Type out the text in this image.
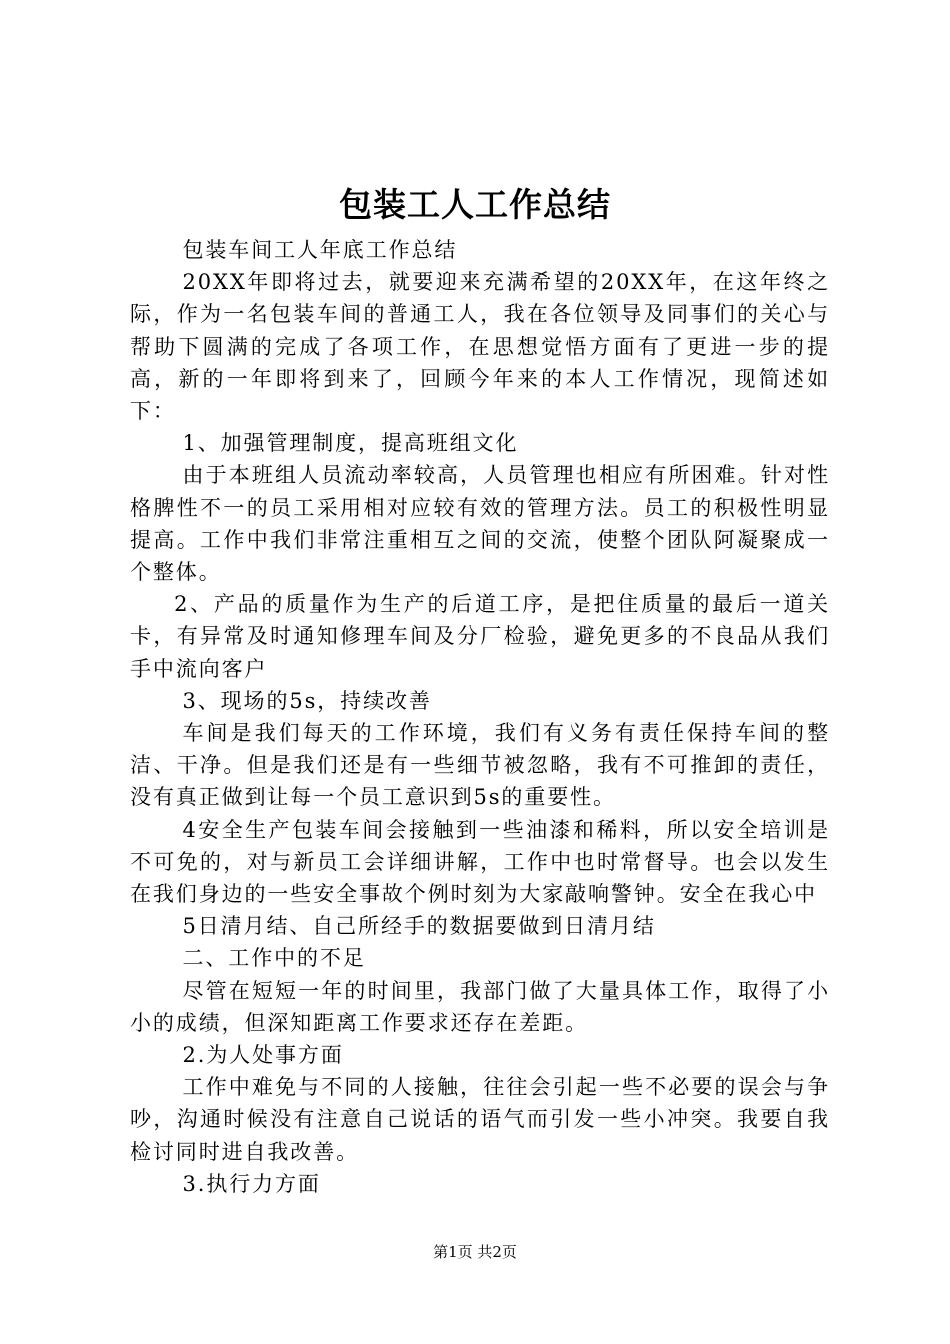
包装工人工作总结

包装车间工人年底工作总结

20XX年即将过去，就要迎来充满希望的20XX年，在这年终之际，作为一名包装车间的普通工人，我在各位领导及同事们的关心与帮助下圆满的完成了各项工作，在思想觉悟方面有了更进一步的提高，新的一年即将到来了，回顾今年来的本人工作情况，现简述如下：

1、加强管理制度，提高班组文化

由于本班组人员流动率较高，人员管理也相应有所困难。针对性格脾性不一的员工采用相对应较有效的管理方法。员工的积极性明显提高。工作中我们非常注重相互之间的交流，使整个团队阿凝聚成一个整体。

2、产品的质量作为生产的后道工序，是把住质量的最后一道关卡，有异常及时通知修理车间及分厂检验，避免更多的不良品从我们手中流向客户

3、现场的5s，持续改善

车间是我们每天的工作环境，我们有义务有责任保持车间的整洁、干净。但是我们还是有一些细节被忽略，我有不可推卸的责任，没有真正做到让每一个员工意识到5s的重要性。

4安全生产包装车间会接触到一些油漆和稀料，所以安全培训是不可免的，对与新员工会详细讲解，工作中也时常督导。也会以发生在我们身边的一些安全事故个例时刻为大家敲响警钟。安全在我心中

5日清月结、自己所经手的数据要做到日清月结

二、工作中的不足

尽管在短短一年的时间里，我部门做了大量具体工作，取得了小小的成绩，但深知距离工作要求还存在差距。

2.为人处事方面

工作中难免与不同的人接触，往往会引起一些不必要的误会与争吵，沟通时候没有注意自己说话的语气而引发一些小冲突。我要自我检讨同时进自我改善。

3.执行力方面

第1页 共2页
